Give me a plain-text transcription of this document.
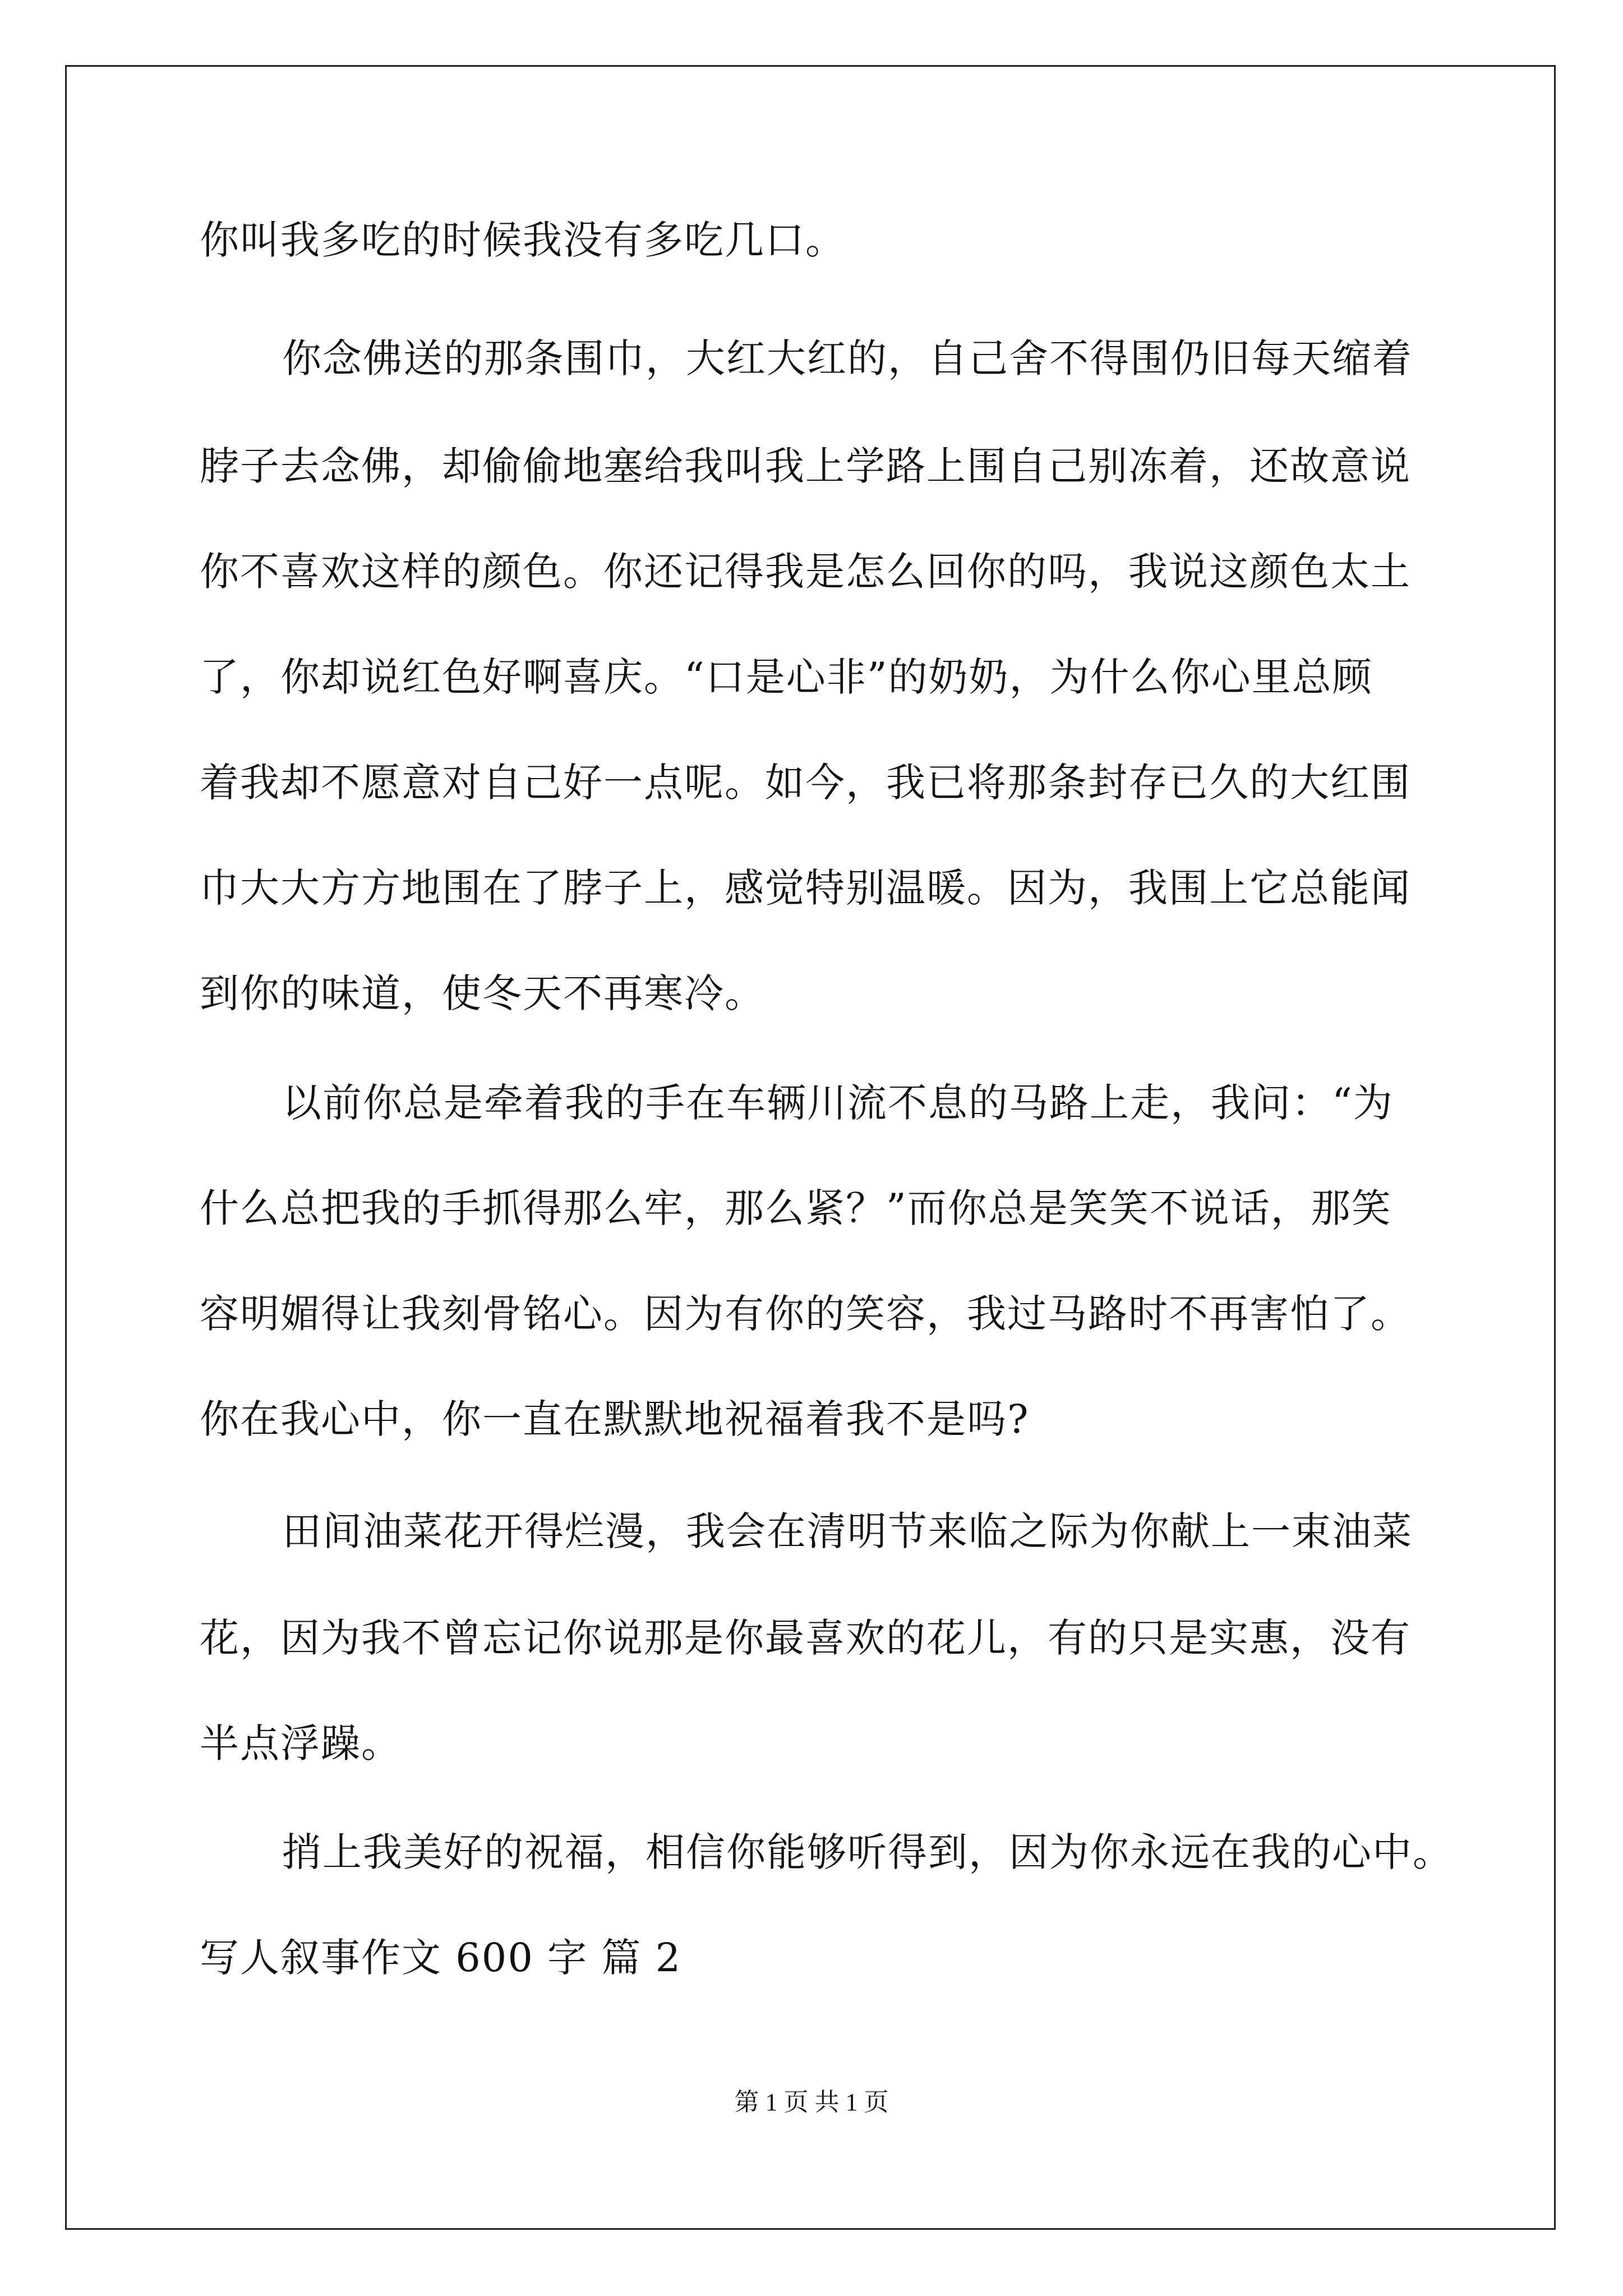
你叫我多吃的时候我没有多吃几口。
你念佛送的那条围巾，大红大红的，自己舍不得围仍旧每天缩着
脖子去念佛，却偷偷地塞给我叫我上学路上围自己别冻着，还故意说
你不喜欢这样的颜色。你还记得我是怎么回你的吗，我说这颜色太土
了，你却说红色好啊喜庆。“口是心非”的奶奶，为什么你心里总顾
着我却不愿意对自己好一点呢。如今，我已将那条封存已久的大红围
巾大大方方地围在了脖子上，感觉特别温暖。因为，我围上它总能闻
到你的味道，使冬天不再寒冷。
以前你总是牵着我的手在车辆川流不息的马路上走，我问：“为
什么总把我的手抓得那么牢，那么紧？”而你总是笑笑不说话，那笑
容明媚得让我刻骨铭心。因为有你的笑容，我过马路时不再害怕了。
你在我心中，你一直在默默地祝福着我不是吗?
田间油菜花开得烂漫，我会在清明节来临之际为你献上一束油菜
花，因为我不曾忘记你说那是你最喜欢的花儿，有的只是实惠，没有
半点浮躁。
捎上我美好的祝福，相信你能够听得到，因为你永远在我的心中。
写人叙事作文 600 字 篇 2
第 1 页 共 1 页
